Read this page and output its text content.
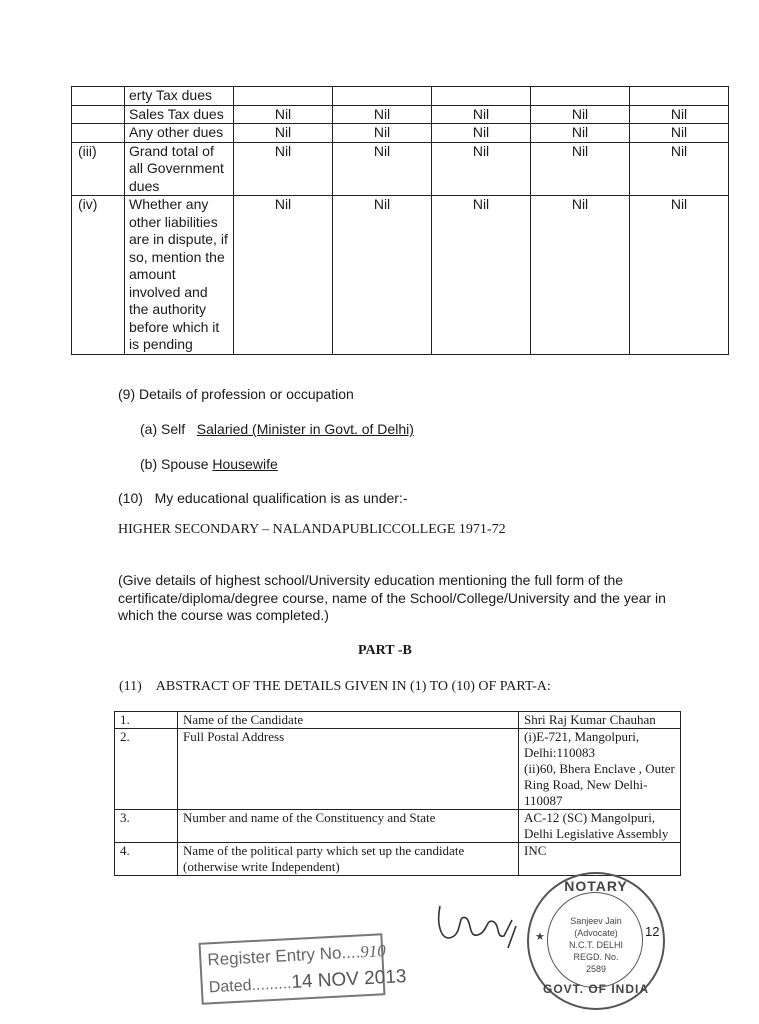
	erty Tax dues					
	Sales Tax dues	Nil	Nil	Nil	Nil	Nil
	Any other dues	Nil	Nil	Nil	Nil	Nil
(iii)	Grand total of all Government dues	Nil	Nil	Nil	Nil	Nil
(iv)	Whether any other liabilities are in dispute, if so, mention the amount involved and the authority before which it is pending	Nil	Nil	Nil	Nil	Nil
(9) Details of profession or occupation
(a) Self Salaried (Minister in Govt. of Delhi)
(b) Spouse Housewife
(10)   My educational qualification is as under:-
HIGHER SECONDARY – NALANDAPUBLICCOLLEGE 1971-72
(Give details of highest school/University education mentioning the full form of the certificate/diploma/degree course, name of the School/College/University and the year in which the course was completed.)
PART -B
(11)    ABSTRACT OF THE DETAILS GIVEN IN (1) TO (10) OF PART-A:
1.	Name of the Candidate	Shri Raj Kumar Chauhan
2.	Full Postal Address	(i)E-721, Mangolpuri, Delhi:110083
(ii)60, Bhera Enclave , Outer Ring Road, New Delhi-110087
3.	Number and name of the Constituency and State	AC-12 (SC) Mangolpuri, Delhi Legislative Assembly
4.	Name of the political party which set up the candidate (otherwise write Independent)	INC
Register Entry No....910
Dated.........14 NOV 2013
NOTARY
Sanjeev Jain
(Advocate)
N.C.T. DELHI
REGD. No.
2589
★
GOVT. OF INDIA
12
